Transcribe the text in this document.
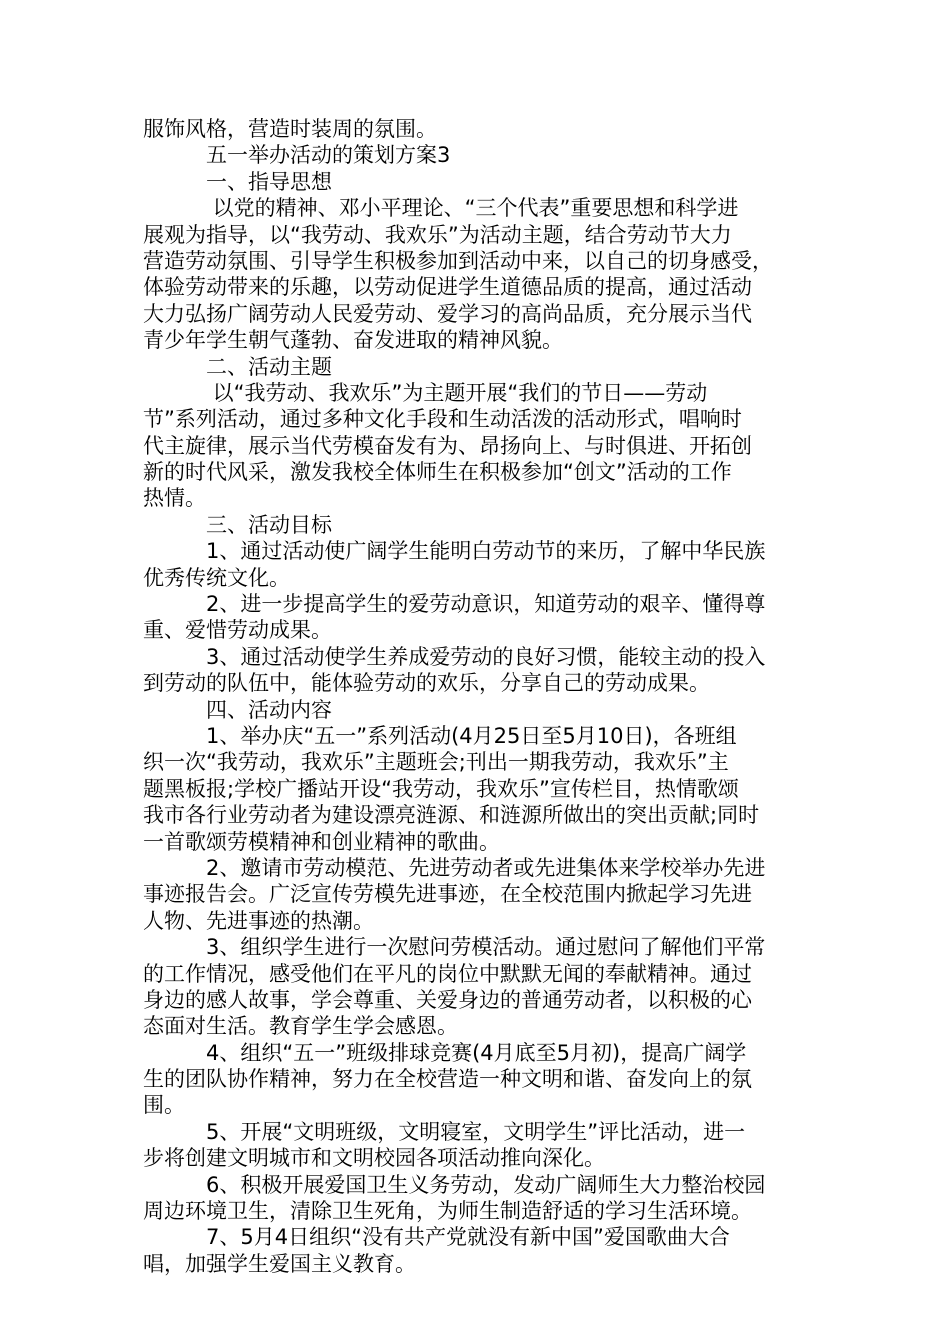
服饰风格，营造时装周的氛围。
五一举办活动的策划方案3
一、指导思想
以党的精神、邓小平理论、“三个代表”重要思想和科学进
展观为指导，以“我劳动、我欢乐”为活动主题，结合劳动节大力
营造劳动氛围、引导学生积极参加到活动中来，以自己的切身感受，
体验劳动带来的乐趣，以劳动促进学生道德品质的提高，通过活动
大力弘扬广阔劳动人民爱劳动、爱学习的高尚品质，充分展示当代
青少年学生朝气蓬勃、奋发进取的精神风貌。
二、活动主题
以“我劳动、我欢乐”为主题开展“我们的节日——劳动
节”系列活动，通过多种文化手段和生动活泼的活动形式，唱响时
代主旋律，展示当代劳模奋发有为、昂扬向上、与时俱进、开拓创
新的时代风采，激发我校全体师生在积极参加“创文”活动的工作
热情。
三、活动目标
1、通过活动使广阔学生能明白劳动节的来历，了解中华民族
优秀传统文化。
2、进一步提高学生的爱劳动意识，知道劳动的艰辛、懂得尊
重、爱惜劳动成果。
3、通过活动使学生养成爱劳动的良好习惯，能较主动的投入
到劳动的队伍中，能体验劳动的欢乐，分享自己的劳动成果。
四、活动内容
1、举办庆“五一”系列活动(4月25日至5月10日)，各班组
织一次“我劳动，我欢乐”主题班会;刊出一期我劳动，我欢乐”主
题黑板报;学校广播站开设“我劳动，我欢乐”宣传栏目，热情歌颂
我市各行业劳动者为建设漂亮涟源、和涟源所做出的突出贡献;同时
一首歌颂劳模精神和创业精神的歌曲。
2、邀请市劳动模范、先进劳动者或先进集体来学校举办先进
事迹报告会。广泛宣传劳模先进事迹，在全校范围内掀起学习先进
人物、先进事迹的热潮。
3、组织学生进行一次慰问劳模活动。通过慰问了解他们平常
的工作情况，感受他们在平凡的岗位中默默无闻的奉献精神。通过
身边的感人故事，学会尊重、关爱身边的普通劳动者，以积极的心
态面对生活。教育学生学会感恩。
4、组织“五一”班级排球竞赛(4月底至5月初)，提高广阔学
生的团队协作精神，努力在全校营造一种文明和谐、奋发向上的氛
围。
5、开展“文明班级，文明寝室，文明学生”评比活动，进一
步将创建文明城市和文明校园各项活动推向深化。
6、积极开展爱国卫生义务劳动，发动广阔师生大力整治校园
周边环境卫生，清除卫生死角，为师生制造舒适的学习生活环境。
7、5月4日组织“没有共产党就没有新中国”爱国歌曲大合
唱，加强学生爱国主义教育。
